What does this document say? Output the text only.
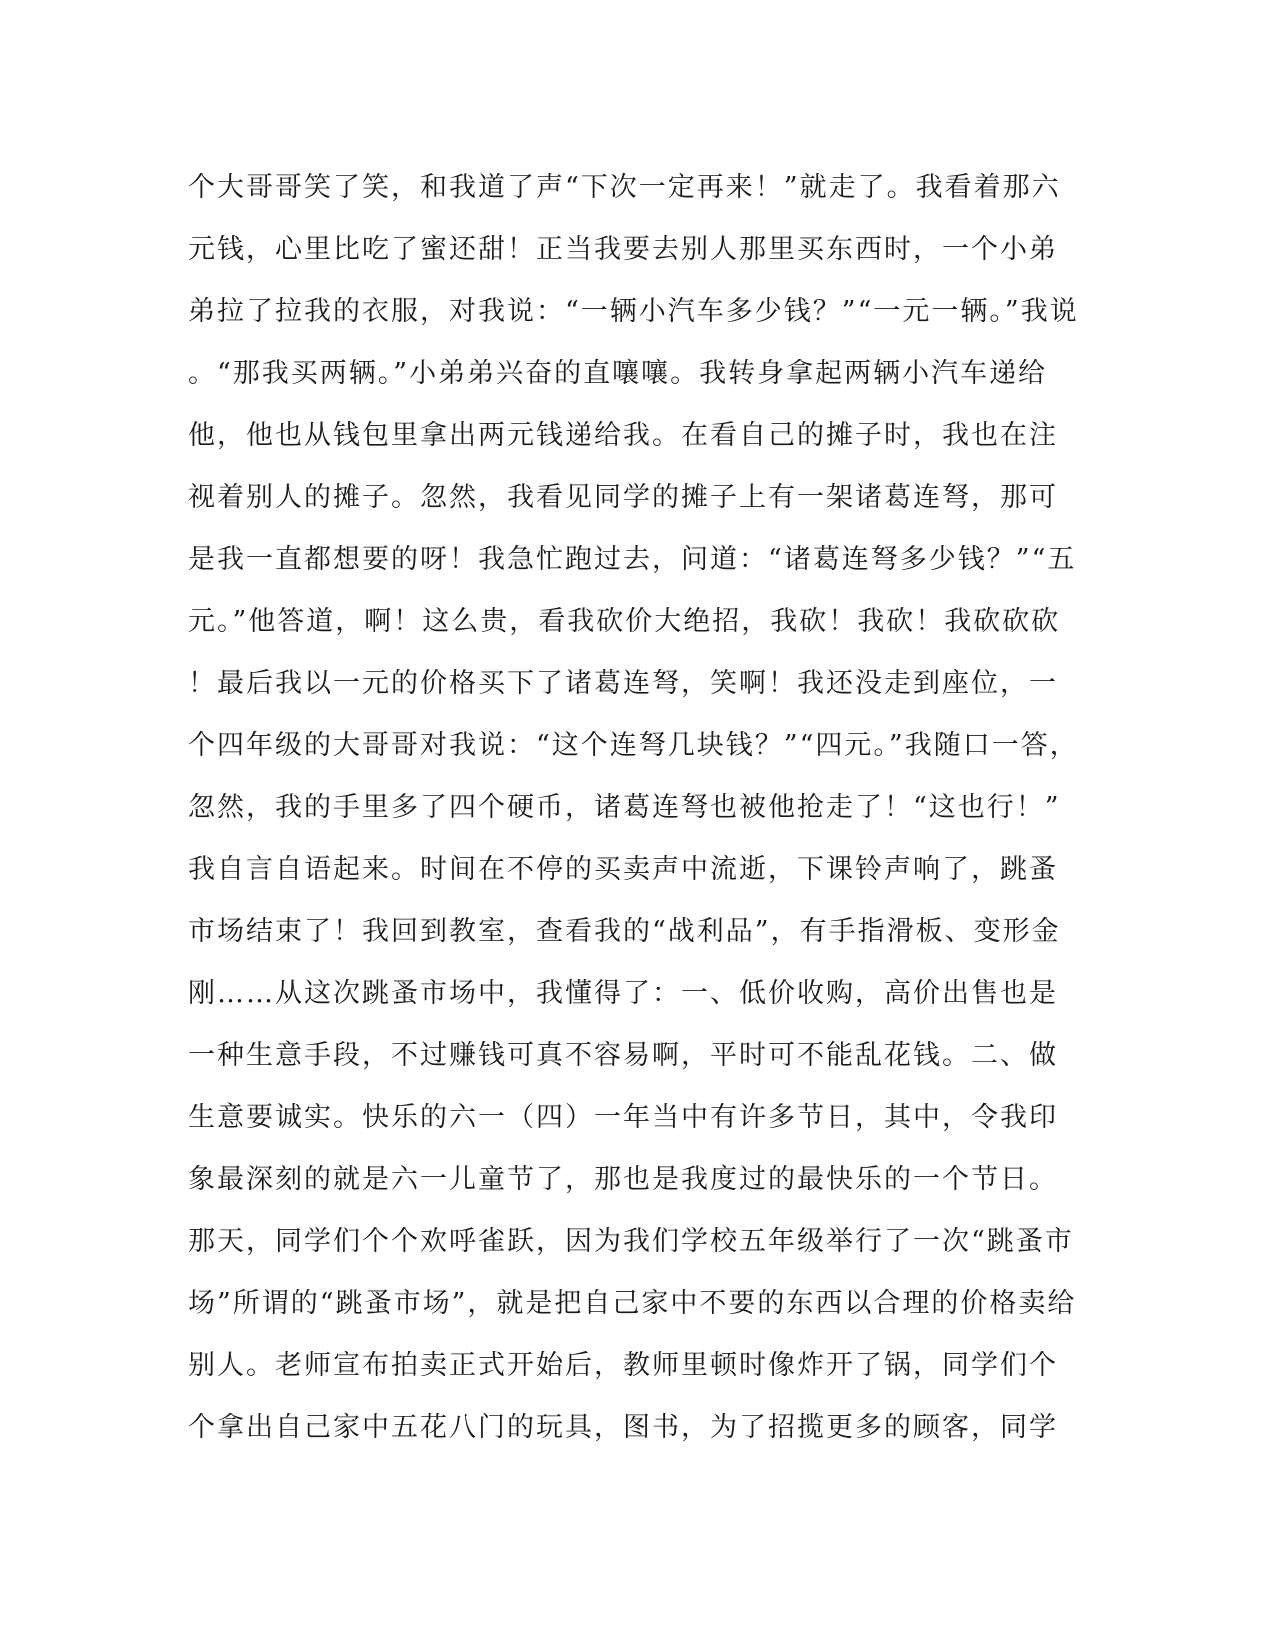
个大哥哥笑了笑，和我道了声“下次一定再来！”就走了。我看着那六
元钱，心里比吃了蜜还甜！正当我要去别人那里买东西时，一个小弟
弟拉了拉我的衣服，对我说：“一辆小汽车多少钱？”“一元一辆。”我说
。“那我买两辆。”小弟弟兴奋的直嚷嚷。我转身拿起两辆小汽车递给
他，他也从钱包里拿出两元钱递给我。在看自己的摊子时，我也在注
视着别人的摊子。忽然，我看见同学的摊子上有一架诸葛连弩，那可
是我一直都想要的呀！我急忙跑过去，问道：“诸葛连弩多少钱？”“五
元。”他答道，啊！这么贵，看我砍价大绝招，我砍！我砍！我砍砍砍
！最后我以一元的价格买下了诸葛连弩，笑啊！我还没走到座位，一
个四年级的大哥哥对我说：“这个连弩几块钱？”“四元。”我随口一答，
忽然，我的手里多了四个硬币，诸葛连弩也被他抢走了！“这也行！”
我自言自语起来。时间在不停的买卖声中流逝，下课铃声响了，跳蚤
市场结束了！我回到教室，查看我的“战利品”，有手指滑板、变形金
刚……从这次跳蚤市场中，我懂得了：一、低价收购，高价出售也是
一种生意手段，不过赚钱可真不容易啊，平时可不能乱花钱。二、做
生意要诚实。快乐的六一（四）一年当中有许多节日，其中，令我印
象最深刻的就是六一儿童节了，那也是我度过的最快乐的一个节日。
那天，同学们个个欢呼雀跃，因为我们学校五年级举行了一次“跳蚤市
场”所谓的“跳蚤市场”，就是把自己家中不要的东西以合理的价格卖给
别人。老师宣布拍卖正式开始后，教师里顿时像炸开了锅，同学们个
个拿出自己家中五花八门的玩具，图书，为了招揽更多的顾客，同学
